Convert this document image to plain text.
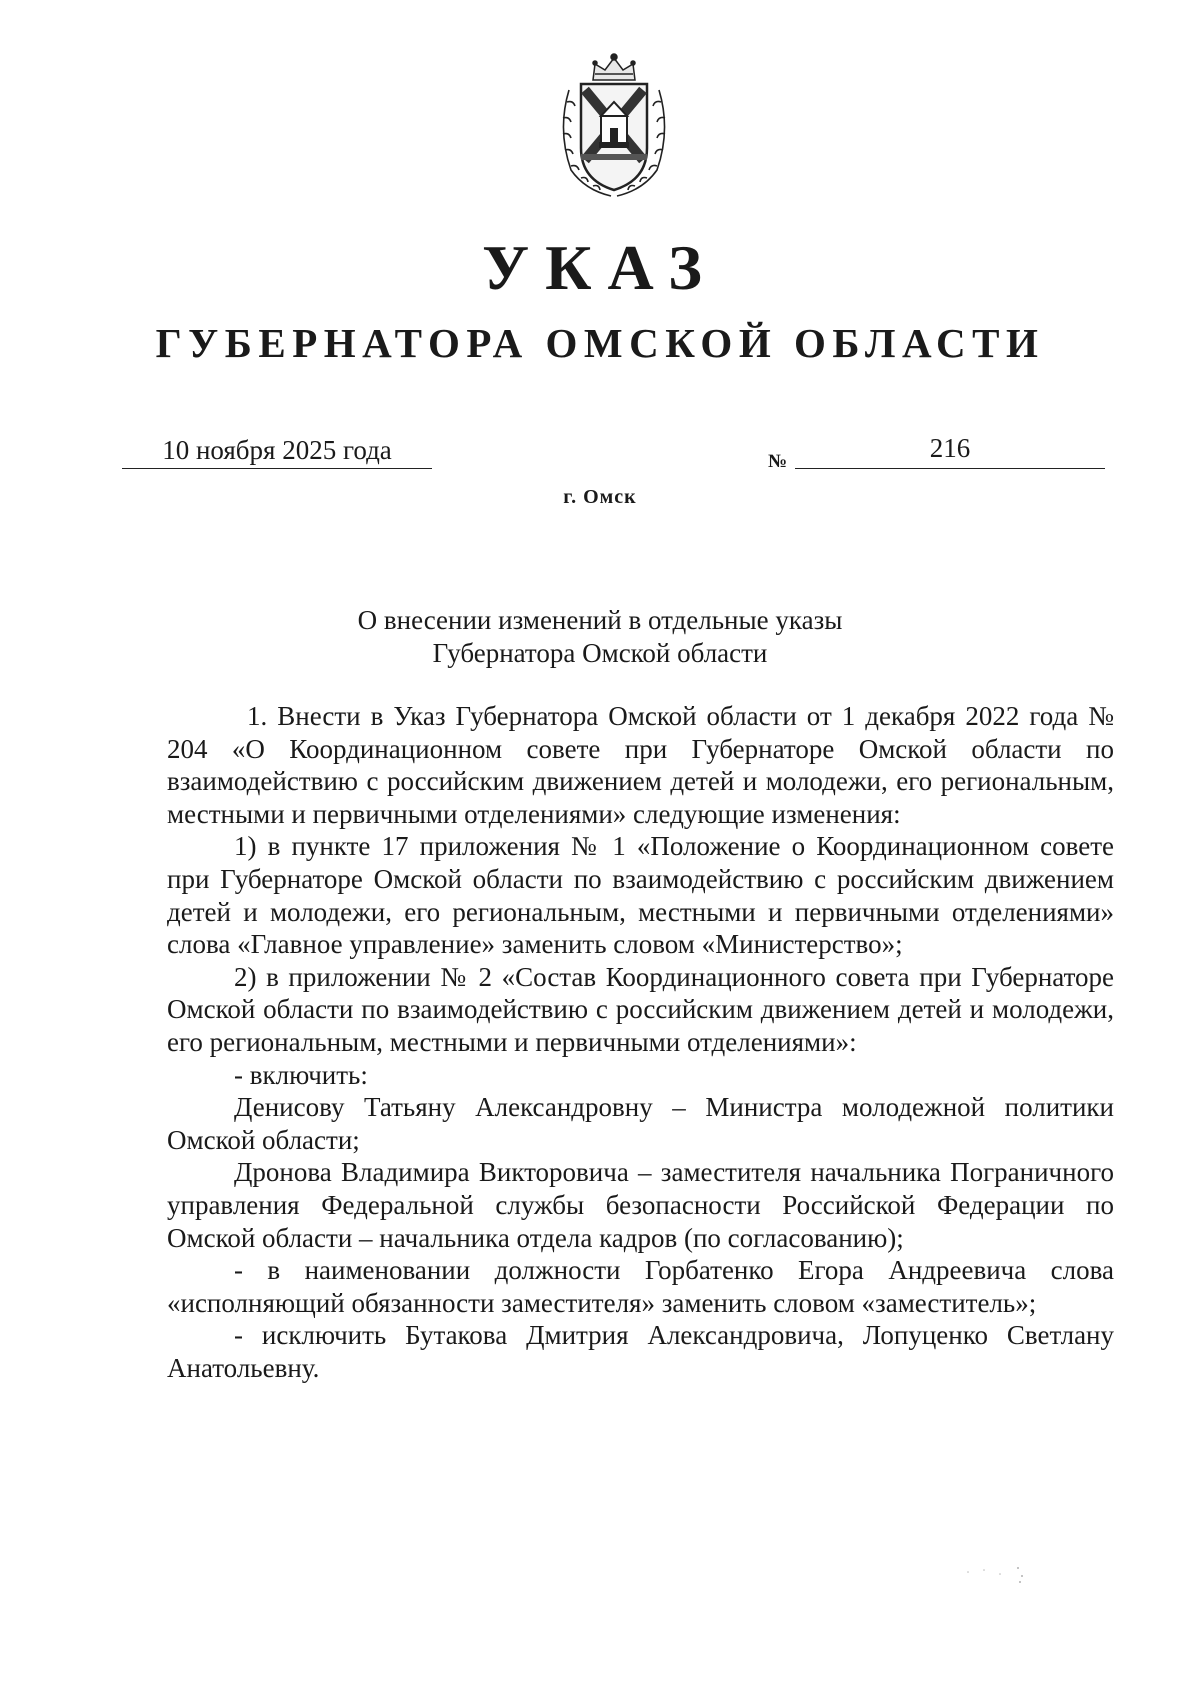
УКАЗ
ГУБЕРНАТОРА ОМСКОЙ ОБЛАСТИ
10 ноября 2025 года	№	216
г. Омск
О внесении изменений в отдельные указы
Губернатора Омской области

1. Внести в Указ Губернатора Омской области от 1 декабря 2022 года № 204 «О Координационном совете при Губернаторе Омской области по взаимодействию с российским движением детей и молодежи, его региональным, местными и первичными отделениями» следующие изменения:

1) в пункте 17 приложения № 1 «Положение о Координационном совете при Губернаторе Омской области по взаимодействию с российским движением детей и молодежи, его региональным, местными и первичными отделениями» слова «Главное управление» заменить словом «Министерство»;

2) в приложении № 2 «Состав Координационного совета при Губернаторе Омской области по взаимодействию с российским движением детей и молодежи, его региональным, местными и первичными отделениями»:

- включить:

Денисову Татьяну Александровну – Министра молодежной политики Омской области;

Дронова Владимира Викторовича – заместителя начальника Пограничного управления Федеральной службы безопасности Российской Федерации по Омской области – начальника отдела кадров (по согласованию);

- в наименовании должности Горбатенко Егора Андреевича слова «исполняющий обязанности заместителя» заменить словом «заместитель»;

- исключить Бутакова Дмитрия Александровича, Лопуценко Светлану Анатольевну.
